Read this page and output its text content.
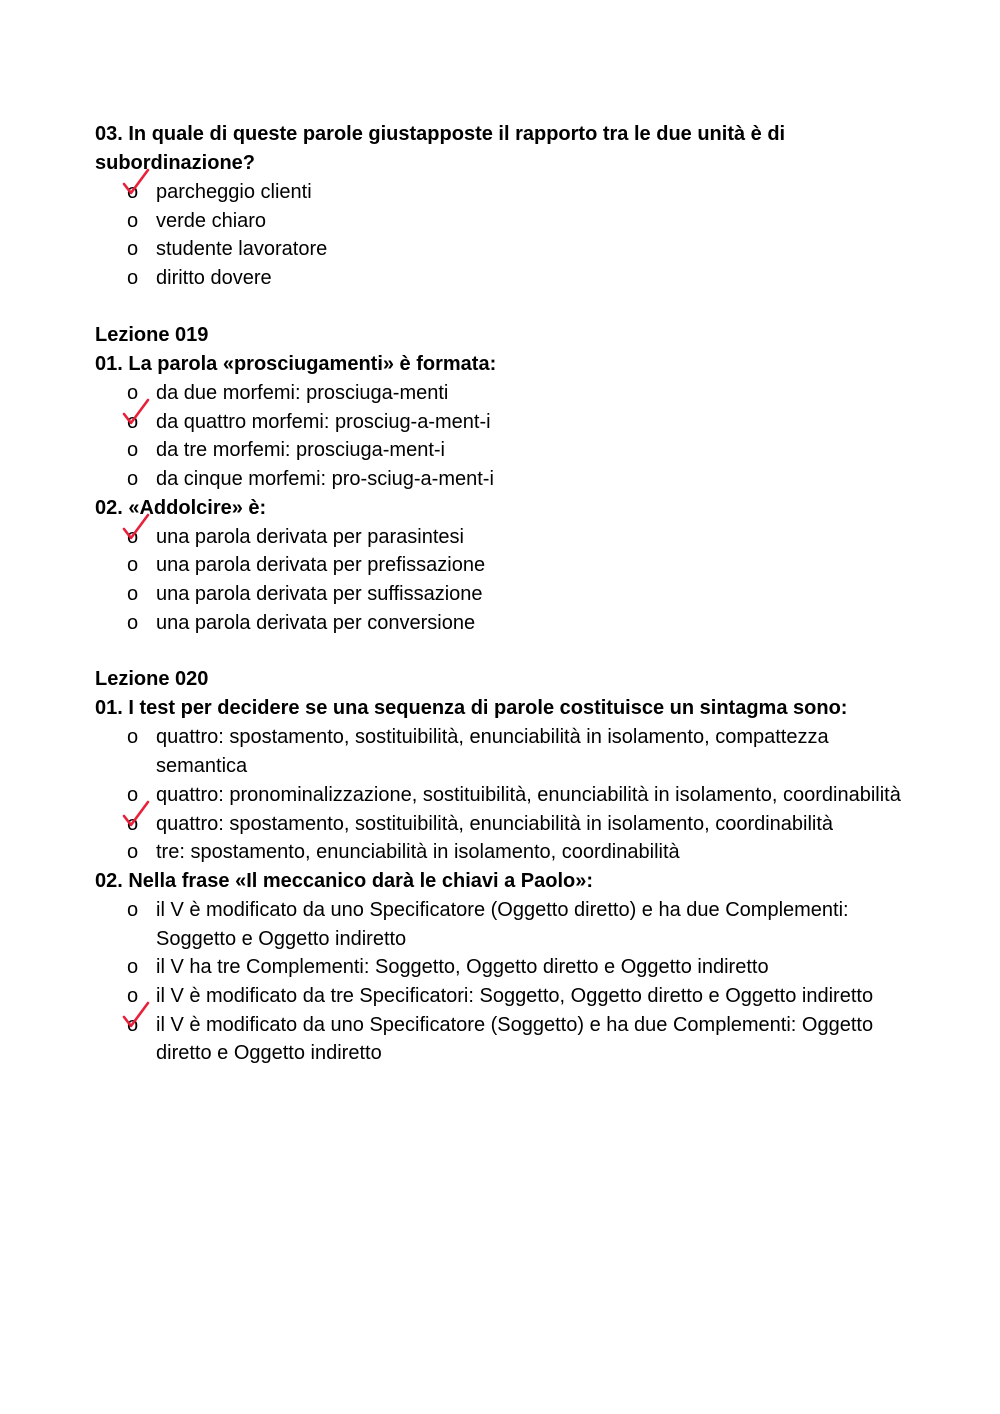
03. In quale di queste parole giustapposte il rapporto tra le due unità è di subordinazione?

o parcheggio clienti
o verde chiaro
o studente lavoratore
o diritto dovere

Lezione 019

01. La parola «prosciugamenti» è formata:

o da due morfemi: prosciuga-menti
o da quattro morfemi: prosciug-a-ment-i
o da tre morfemi: prosciuga-ment-i
o da cinque morfemi: pro-sciug-a-ment-i

02. «Addolcire» è:

o una parola derivata per parasintesi
o una parola derivata per prefissazione
o una parola derivata per suffissazione
o una parola derivata per conversione

Lezione 020

01. I test per decidere se una sequenza di parole costituisce un sintagma sono:

o quattro: spostamento, sostituibilità, enunciabilità in isolamento, compattezza semantica
o quattro: pronominalizzazione, sostituibilità, enunciabilità in isolamento, coordinabilità
o quattro: spostamento, sostituibilità, enunciabilità in isolamento, coordinabilità
o tre: spostamento, enunciabilità in isolamento, coordinabilità

02. Nella frase «Il meccanico darà le chiavi a Paolo»:

o il V è modificato da uno Specificatore (Oggetto diretto) e ha due Complementi: Soggetto e Oggetto indiretto
o il V ha tre Complementi: Soggetto, Oggetto diretto e Oggetto indiretto
o il V è modificato da tre Specificatori: Soggetto, Oggetto diretto e Oggetto indiretto
o il V è modificato da uno Specificatore (Soggetto) e ha due Complementi: Oggetto diretto e Oggetto indiretto
